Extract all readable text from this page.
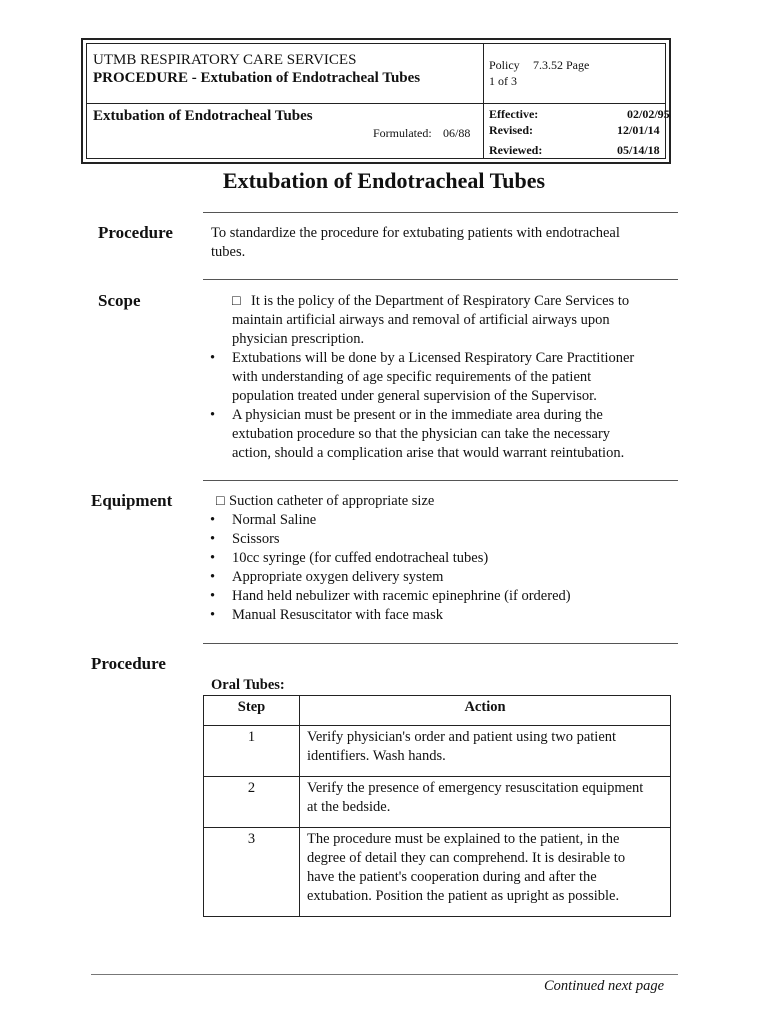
UTMB RESPIRATORY CARE SERVICES
PROCEDURE - Extubation of Endotracheal Tubes
Policy 7.3.52 Page
1 of 3
Extubation of Endotracheal Tubes
Formulated: 06/88
Effective:	02/02/95
Revised:	12/01/14
Reviewed:	05/14/18
Extubation of Endotracheal Tubes
Procedure	To standardize the procedure for extubating patients with endotracheal
tubes.
Scope	□ It is the policy of the Department of Respiratory Care Services to
maintain artificial airways and removal of artificial airways upon
physician prescription.
• Extubations will be done by a Licensed Respiratory Care Practitioner
with understanding of age specific requirements of the patient
population treated under general supervision of the Supervisor.
• A physician must be present or in the immediate area during the
extubation procedure so that the physician can take the necessary
action, should a complication arise that would warrant reintubation.
Equipment	□ Suction catheter of appropriate size
• Normal Saline
• Scissors
• 10cc syringe (for cuffed endotracheal tubes)
• Appropriate oxygen delivery system
• Hand held nebulizer with racemic epinephrine (if ordered)
• Manual Resuscitator with face mask
Procedure
Oral Tubes:
Step	Action
1	Verify physician's order and patient using two patient
identifiers. Wash hands.

2	Verify the presence of emergency resuscitation equipment
at the bedside.

3	The procedure must be explained to the patient, in the
degree of detail they can comprehend. It is desirable to
have the patient's cooperation during and after the
extubation. Position the patient as upright as possible.
Continued next page
